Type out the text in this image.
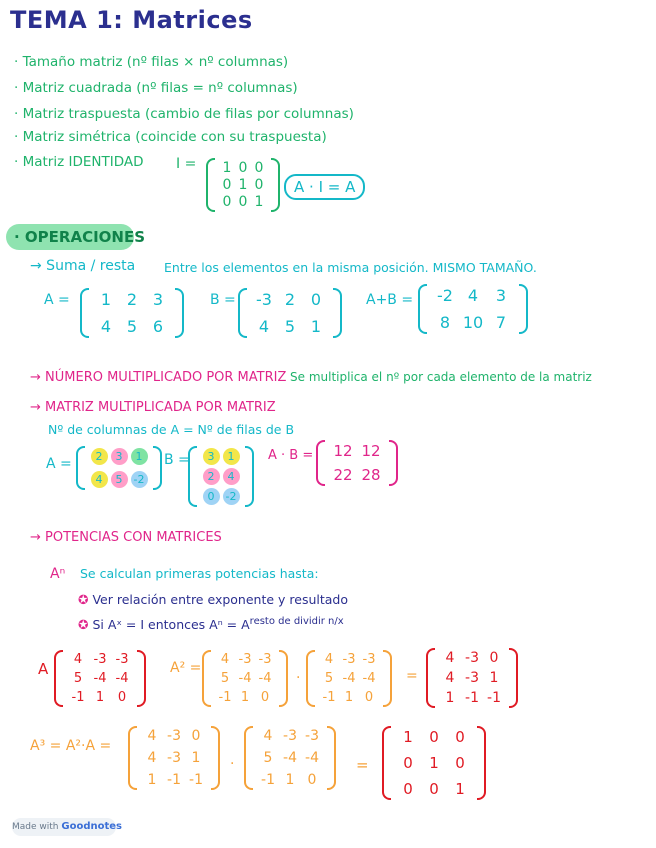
TEMA 1: Matrices
· Tamaño matriz (nº filas × nº columnas)
· Matriz cuadrada (nº filas = nº columnas)
· Matriz traspuesta (cambio de filas por columnas)
· Matriz simétrica (coincide con su traspuesta)
· Matriz IDENTIDAD I = 1 0 0
0 1 0
0 0 1
A · I = A
· OPERACIONES
→ Suma / resta Entre los elementos en la misma posición. MISMO TAMAÑO.
A = 1 2 3
4 5 6
B = -3 2 0
4 5 1
A+B = -2 4 3
8 10 7
→ NÚMERO MULTIPLICADO POR MATRIZ Se multiplica el nº por cada elemento de la matriz
→ MATRIZ MULTIPLICADA POR MATRIZ
Nº de columnas de A = Nº de filas de B
A =	2	3	1
4	5	-2
B =	3	1
2	4
0	-2
A · B = 12 12
22 28
→ POTENCIAS CON MATRICES
Aⁿ Se calculan primeras potencias hasta:
✪ Ver relación entre exponente y resultado
✪ Si Aˣ = I entonces $A^n = A^{resto de dividir n/x}$
A
4 -3 -3
5 -4 -4
-1 1 0
A² =
4 -3 -3
5 -4 -4
-1 1 0
·
4 -3 -3
5 -4 -4
-1 1 0
=
4 -3 0
4 -3 1
1 -1 -1
A³ = A²·A =
4 -3 0
4 -3 1
1 -1 -1
·
4 -3 -3
5 -4 -4
-1 1 0
=
1 0 0
0 1 0
0 0 1
Made with Goodnotes
